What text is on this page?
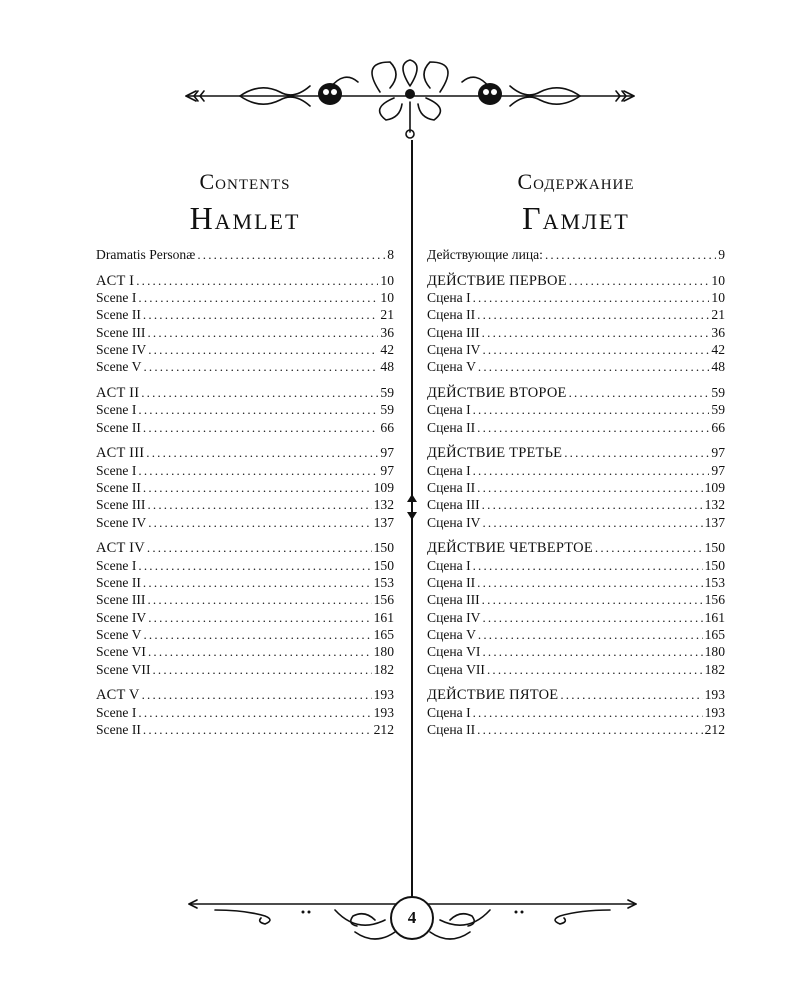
Contents
Hamlet
Dramatis Personæ .....	8
ACT I .....	10
Scene I .....	10
Scene II .....	21
Scene III .....	36
Scene IV .....	42
Scene V .....	48
ACT II .....	59
Scene I .....	59
Scene II .....	66
ACT III .....	97
Scene I .....	97
Scene II .....	109
Scene III .....	132
Scene IV .....	137
ACT IV .....	150
Scene I .....	150
Scene II .....	153
Scene III .....	156
Scene IV .....	161
Scene V .....	165
Scene VI .....	180
Scene VII .....	182
ACT V .....	193
Scene I .....	193
Scene II .....	212
Содержание
Гамлет
Действующие лица: .....	9
ДЕЙСТВИЕ ПЕРВОЕ .....	10
Сцена I .....	10
Сцена II .....	21
Сцена III .....	36
Сцена IV .....	42
Сцена V .....	48
ДЕЙСТВИЕ ВТОРОЕ .....	59
Сцена I .....	59
Сцена II .....	66
ДЕЙСТВИЕ ТРЕТЬЕ .....	97
Сцена I .....	97
Сцена II .....	109
Сцена III .....	132
Сцена IV .....	137
ДЕЙСТВИЕ ЧЕТВЕРТОЕ .....	150
Сцена I .....	150
Сцена II .....	153
Сцена III .....	156
Сцена IV .....	161
Сцена V .....	165
Сцена VI .....	180
Сцена VII .....	182
ДЕЙСТВИЕ ПЯТОЕ .....	193
Сцена I .....	193
Сцена II .....	212
4
